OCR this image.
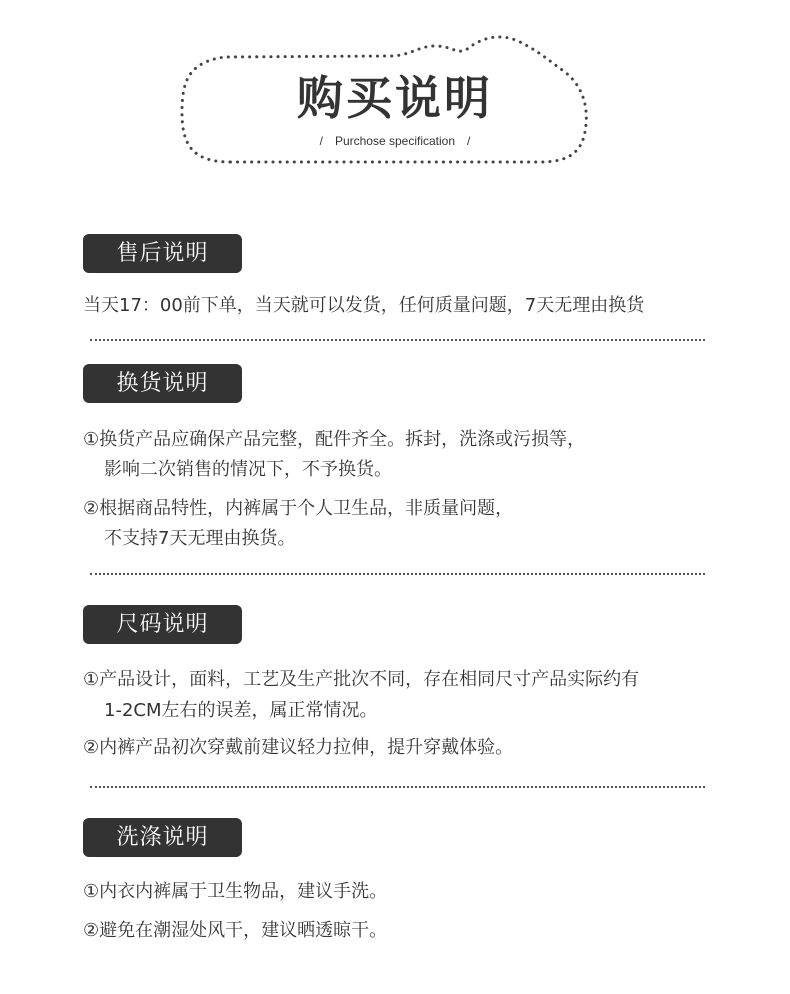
购买说明
/ Purchose specification /
售后说明
当天17：00前下单，当天就可以发货，任何质量问题，7天无理由换货
换货说明
①换货产品应确保产品完整，配件齐全。拆封，洗涤或污损等，
影响二次销售的情况下，不予换货。
②根据商品特性，内裤属于个人卫生品，非质量问题，
不支持7天无理由换货。
尺码说明
①产品设计，面料，工艺及生产批次不同，存在相同尺寸产品实际约有
1-2CM左右的误差，属正常情况。
②内裤产品初次穿戴前建议轻力拉伸，提升穿戴体验。
洗涤说明
①内衣内裤属于卫生物品，建议手洗。
②避免在潮湿处风干，建议晒透晾干。
